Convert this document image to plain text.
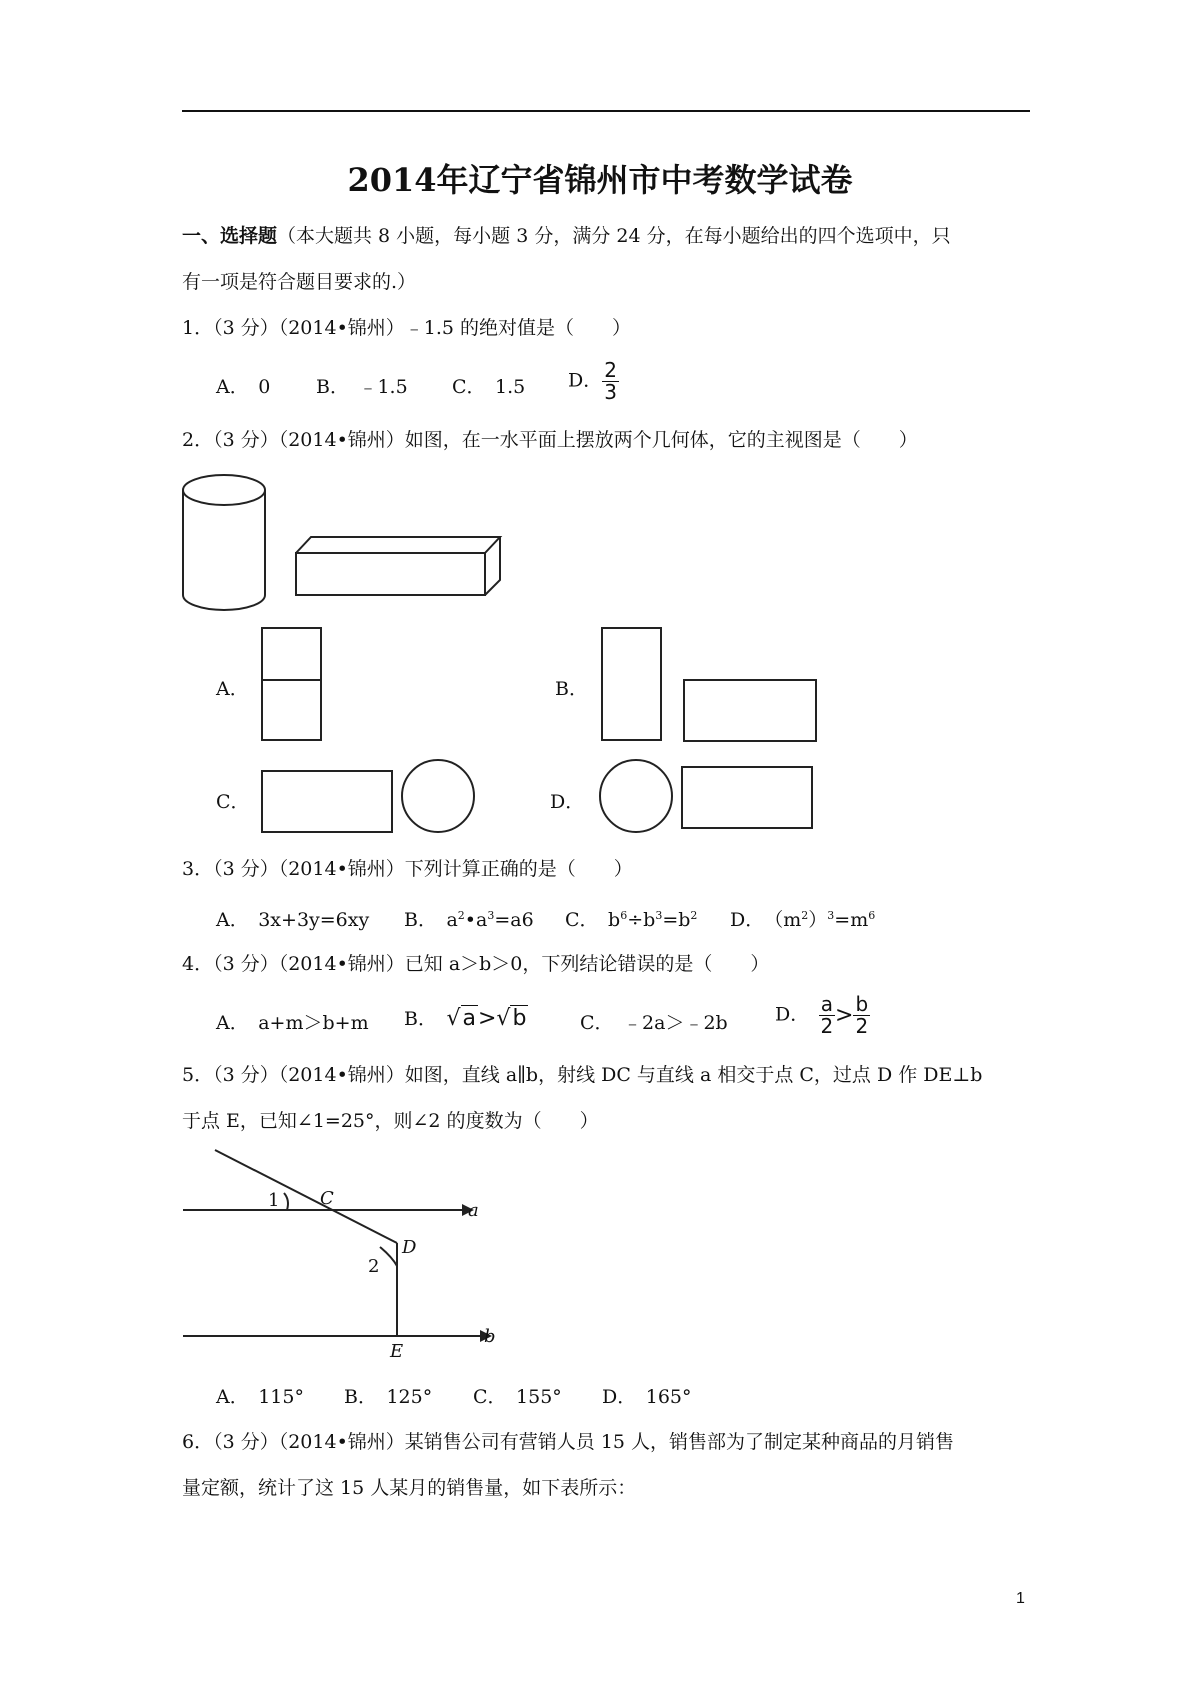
2014年辽宁省锦州市中考数学试卷
一、选择题（本大题共 8 小题，每小题 3 分，满分 24 分，在每小题给出的四个选项中，只
有一项是符合题目要求的.）
1．（3 分）（2014•锦州）﹣1.5 的绝对值是（　　）
A．　0 B．　﹣1.5 C．　1.5 D． $\frac{2}{3}$
2．（3 分）（2014•锦州）如图，在一水平面上摆放两个几何体，它的主视图是（　　）
1 C
a
D
2
b
E
A．	B．
C．	D．
3．（3 分）（2014•锦州）下列计算正确的是（　　）
A．　3x+3y=6xy B．　$a^2•a^3=a6$ C．　$b^6\div b^3=b^2$ D．　$(m^2)^3=m^6$
4．（3 分）（2014•锦州）已知 a＞b＞0，下列结论错误的是（　　）
A．　a+m＞b+m B．　 √a>√b	C．　﹣2a＞﹣2b D．　 $\frac{a}{2} > \frac{b}{2}$
5．（3 分）（2014•锦州）如图，直线 a∥b，射线 DC 与直线 a 相交于点 C，过点 D 作 DE⊥b
于点 E，已知∠1=25°，则∠2 的度数为（　　）
A．　115° B．　125° C．　155° D．　165°
6．（3 分）（2014•锦州）某销售公司有营销人员 15 人，销售部为了制定某种商品的月销售
量定额，统计了这 15 人某月的销售量，如下表所示：
1
